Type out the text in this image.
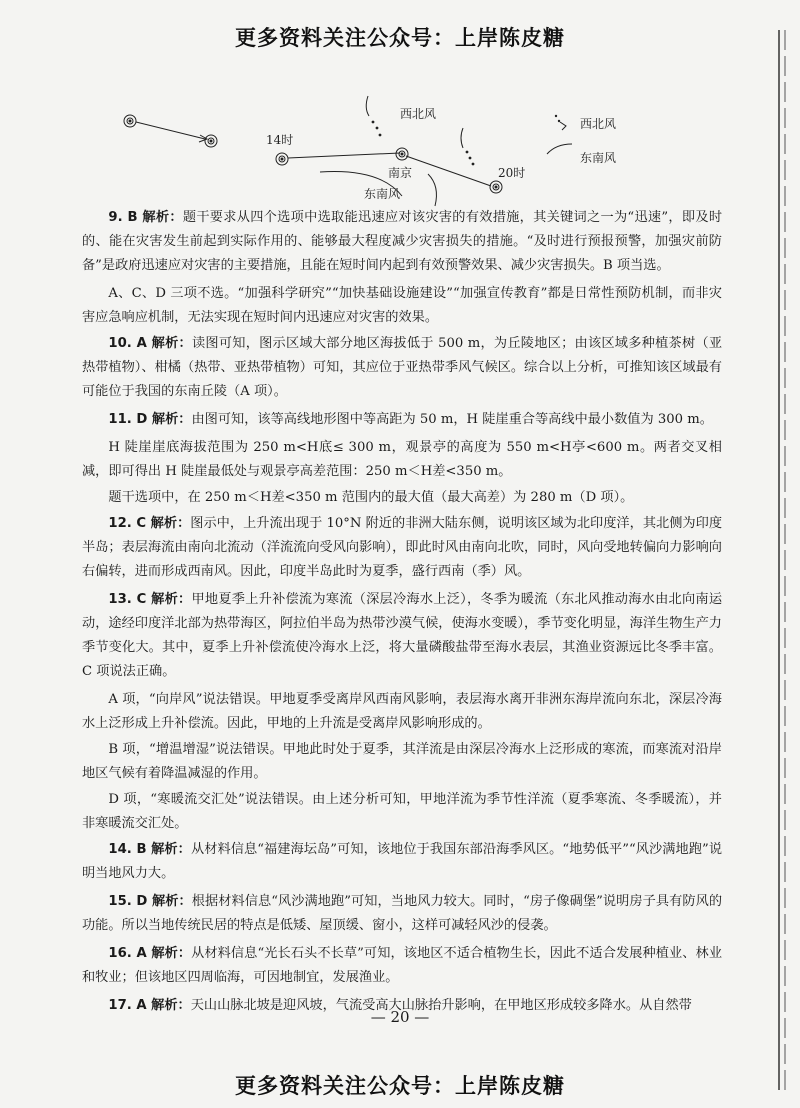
更多资料关注公众号：上岸陈皮糖
西北风
14时
南京
东南风
20时
西北风
东南风

9. B 解析：题干要求从四个选项中选取能迅速应对该灾害的有效措施，其关键词之一为“迅速”，即及时的、能在灾害发生前起到实际作用的、能够最大程度减少灾害损失的措施。“及时进行预报预警，加强灾前防备”是政府迅速应对灾害的主要措施，且能在短时间内起到有效预警效果、减少灾害损失。B 项当选。

A、C、D 三项不选。“加强科学研究”“加快基础设施建设”“加强宣传教育”都是日常性预防机制，而非灾害应急响应机制，无法实现在短时间内迅速应对灾害的效果。

10. A 解析：读图可知，图示区域大部分地区海拔低于 500 m，为丘陵地区；由该区域多种植茶树（亚热带植物）、柑橘（热带、亚热带植物）可知，其应位于亚热带季风气候区。综合以上分析，可推知该区域最有可能位于我国的东南丘陵（A 项）。

11. D 解析：由图可知，该等高线地形图中等高距为 50 m，H 陡崖重合等高线中最小数值为 300 m。

H 陡崖崖底海拔范围为 250 m<H底≤ 300 m，观景亭的高度为 550 m<H亭<600 m。两者交叉相减，即可得出 H 陡崖最低处与观景亭高差范围：250 m＜H差<350 m。

题干选项中，在 250 m＜H差<350 m 范围内的最大值（最大高差）为 280 m（D 项）。

12. C 解析：图示中，上升流出现于 10°N 附近的非洲大陆东侧，说明该区域为北印度洋，其北侧为印度半岛；表层海流由南向北流动（洋流流向受风向影响），即此时风由南向北吹，同时，风向受地转偏向力影响向右偏转，进而形成西南风。因此，印度半岛此时为夏季，盛行西南（季）风。

13. C 解析：甲地夏季上升补偿流为寒流（深层冷海水上泛），冬季为暖流（东北风推动海水由北向南运动，途经印度洋北部为热带海区，阿拉伯半岛为热带沙漠气候，使海水变暖），季节变化明显，海洋生物生产力季节变化大。其中，夏季上升补偿流使冷海水上泛，将大量磷酸盐带至海水表层，其渔业资源远比冬季丰富。C 项说法正确。

A 项，“向岸风”说法错误。甲地夏季受离岸风西南风影响，表层海水离开非洲东海岸流向东北，深层冷海水上泛形成上升补偿流。因此，甲地的上升流是受离岸风影响形成的。

B 项，“增温增湿”说法错误。甲地此时处于夏季，其洋流是由深层冷海水上泛形成的寒流，而寒流对沿岸地区气候有着降温减湿的作用。

D 项，“寒暖流交汇处”说法错误。由上述分析可知，甲地洋流为季节性洋流（夏季寒流、冬季暖流），并非寒暖流交汇处。

14. B 解析：从材料信息“福建海坛岛”可知，该地位于我国东部沿海季风区。“地势低平”“风沙满地跑”说明当地风力大。

15. D 解析：根据材料信息“风沙满地跑”可知，当地风力较大。同时，“房子像碉堡”说明房子具有防风的功能。所以当地传统民居的特点是低矮、屋顶缓、窗小，这样可减轻风沙的侵袭。

16. A 解析：从材料信息“光长石头不长草”可知，该地区不适合植物生长，因此不适合发展种植业、林业和牧业；但该地区四周临海，可因地制宜，发展渔业。

17. A 解析：天山山脉北坡是迎风坡，气流受高大山脉抬升影响，在甲地区形成较多降水。从自然带

— 20 —
更多资料关注公众号：上岸陈皮糖
